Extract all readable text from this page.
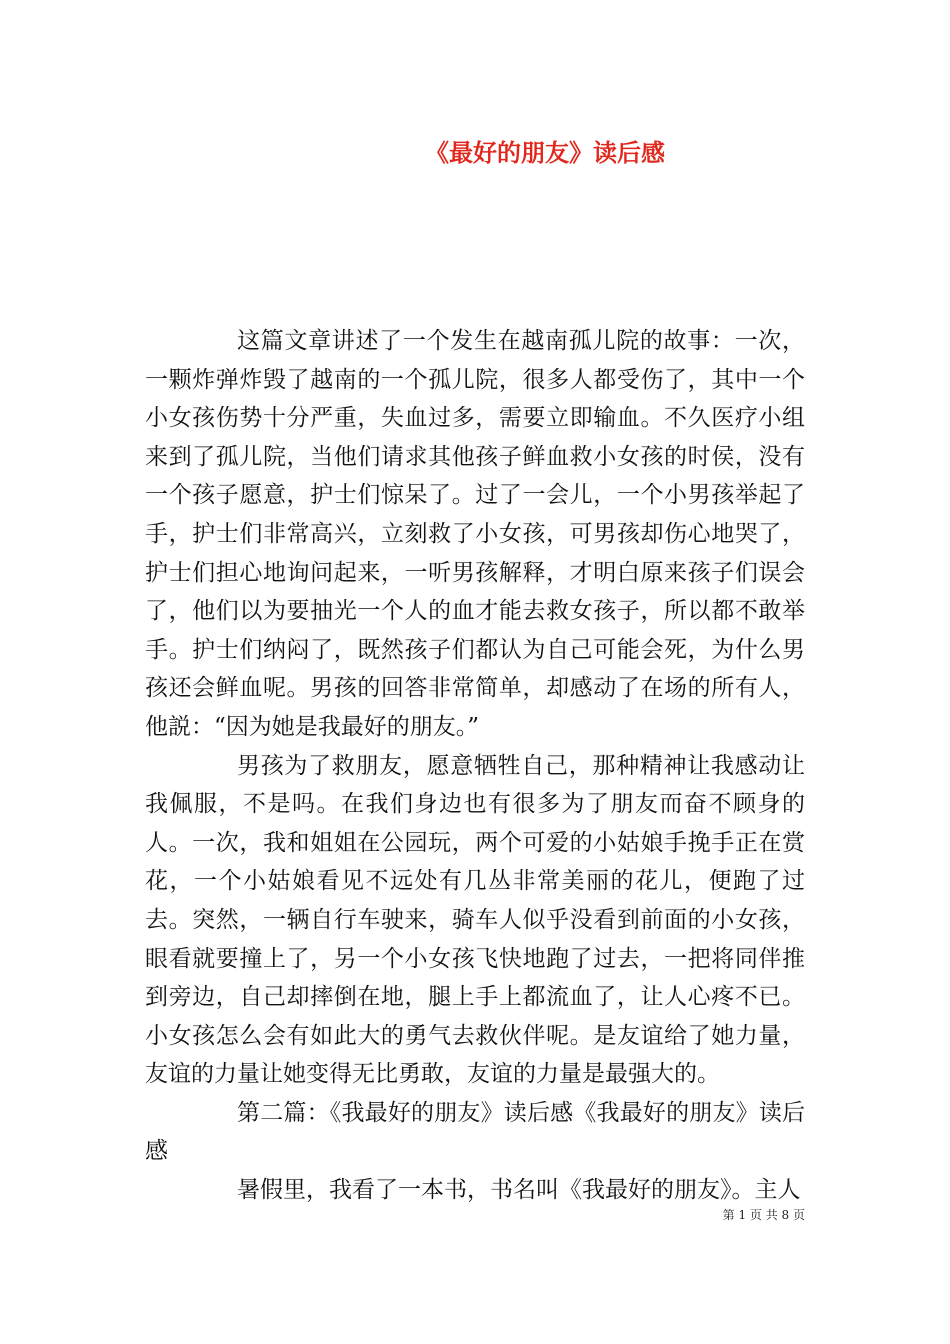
《最好的朋友》读后感

这篇文章讲述了一个发生在越南孤儿院的故事：一次，一颗炸弹炸毁了越南的一个孤儿院，很多人都受伤了，其中一个小女孩伤势十分严重，失血过多，需要立即输血。不久医疗小组来到了孤儿院，当他们请求其他孩子鲜血救小女孩的时侯，没有一个孩子愿意，护士们惊呆了。过了一会儿，一个小男孩举起了手，护士们非常高兴，立刻救了小女孩，可男孩却伤心地哭了，护士们担心地询问起来，一听男孩解释，才明白原来孩子们误会了，他们以为要抽光一个人的血才能去救女孩子，所以都不敢举手。护士们纳闷了，既然孩子们都认为自己可能会死，为什么男孩还会鲜血呢。男孩的回答非常简单，却感动了在场的所有人，他説：“因为她是我最好的朋友。”

男孩为了救朋友，愿意牺牲自己，那种精神让我感动让我佩服，不是吗。在我们身边也有很多为了朋友而奋不顾身的人。一次，我和姐姐在公园玩，两个可爱的小姑娘手挽手正在赏花，一个小姑娘看见不远处有几丛非常美丽的花儿，便跑了过去。突然，一辆自行车驶来，骑车人似乎没看到前面的小女孩，眼看就要撞上了，另一个小女孩飞快地跑了过去，一把将同伴推到旁边，自己却摔倒在地，腿上手上都流血了，让人心疼不已。小女孩怎么会有如此大的勇气去救伙伴呢。是友谊给了她力量，友谊的力量让她变得无比勇敢，友谊的力量是最强大的。

第二篇：《我最好的朋友》读后感《我最好的朋友》读后感

暑假里，我看了一本书，书名叫《我最好的朋友》。主人

第 1 页 共 8 页
